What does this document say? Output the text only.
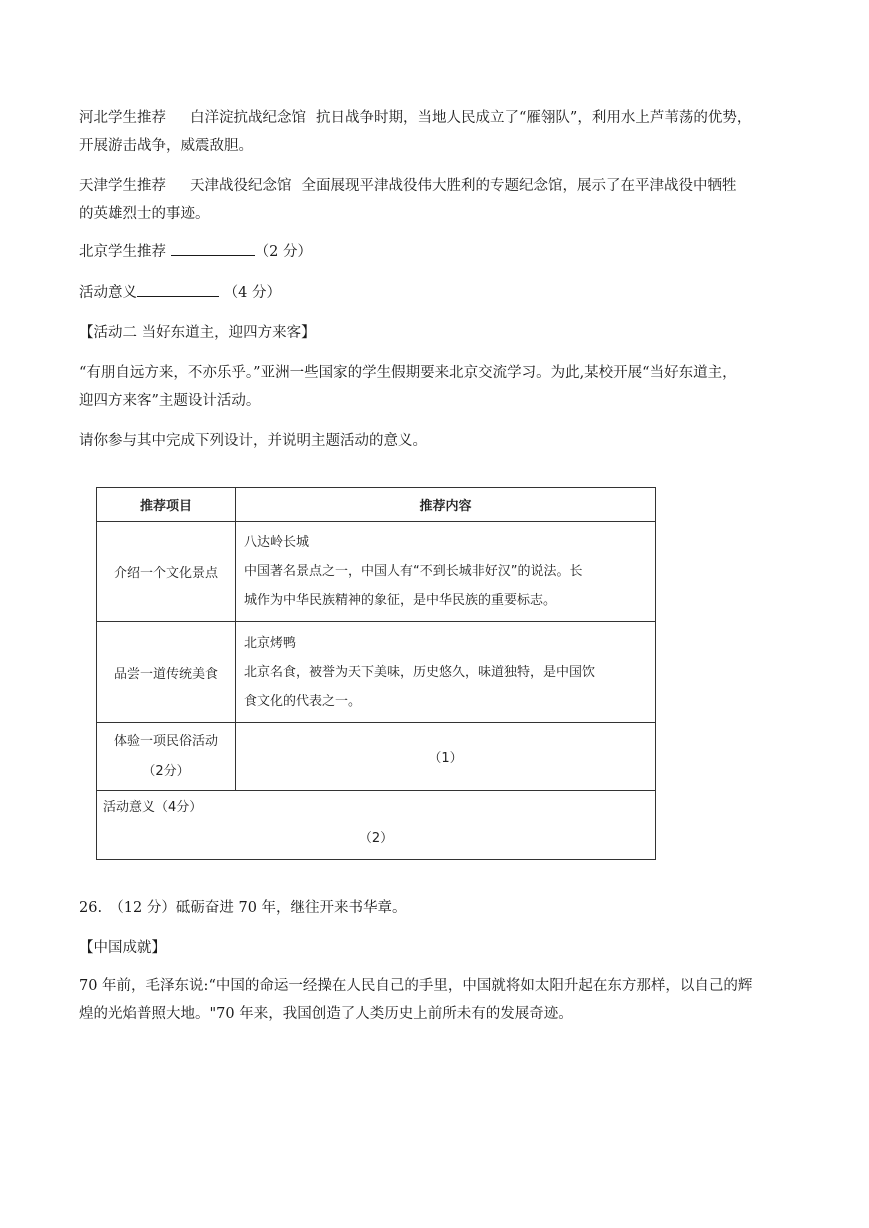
河北学生推荐 白洋淀抗战纪念馆 抗日战争时期，当地人民成立了“雁翎队”，利用水上芦苇荡的优势，
开展游击战争，威震敌胆。

天津学生推荐 天津战役纪念馆 全面展现平津战役伟大胜利的专题纪念馆，展示了在平津战役中牺牲
的英雄烈士的事迹。

北京学生推荐	（2 分）

活动意义	（4 分）

【活动二 当好东道主，迎四方来客】

“有朋自远方来，不亦乐乎。”亚洲一些国家的学生假期要来北京交流学习。为此,某校开展“当好东道主，
迎四方来客”主题设计活动。

请你参与其中完成下列设计，并说明主题活动的意义。

推荐项目	推荐内容
介绍一个文化景点	八达岭长城
中国著名景点之一，中国人有“不到长城非好汉”的说法。长
城作为中华民族精神的象征，是中华民族的重要标志。

品尝一道传统美食	北京烤鸭
北京名食，被誉为天下美味，历史悠久，味道独特，是中国饮
食文化的代表之一。

体验一项民俗活动
（2分）	（1）

活动意义（4分）
（2）	

26.　（12 分）砥砺奋进 70 年，继往开来书华章。

【中国成就】

70 年前，毛泽东说:“中国的命运一经操在人民自己的手里，中国就将如太阳升起在东方那样，以自己的辉
煌的光焰普照大地。"70 年来，我国创造了人类历史上前所未有的发展奇迹。
